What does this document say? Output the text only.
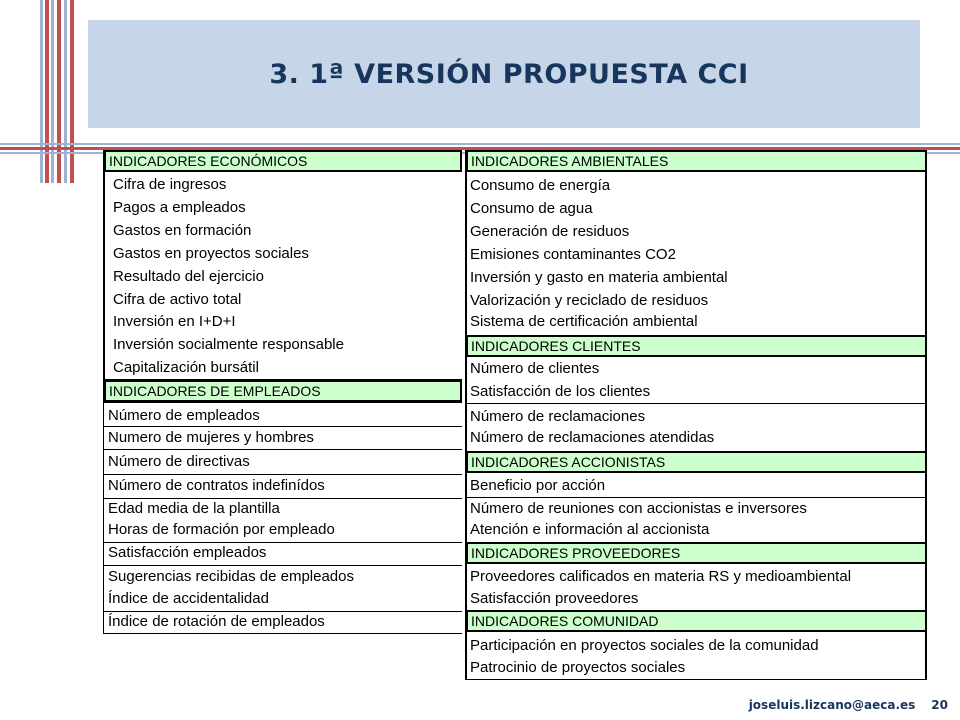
3. 1ª VERSIÓN PROPUESTA CCI
INDICADORES ECONÓMICOS
Cifra de ingresos
Pagos a empleados
Gastos en formación
Gastos en proyectos sociales
Resultado del ejercicio
Cifra de activo total
Inversión en I+D+I
Inversión socialmente responsable
Capitalización bursátil
INDICADORES DE EMPLEADOS
Número de empleados
Numero de mujeres y hombres
Número de directivas
Número de contratos indefinídos
Edad media de la plantilla
Horas de formación por empleado
Satisfacción empleados
Sugerencias recibidas de empleados
Índice de accidentalidad
Índice de rotación de empleados
INDICADORES AMBIENTALES
Consumo de energía
Consumo de agua
Generación de residuos
Emisiones contaminantes CO2
Inversión y gasto en materia ambiental
Valorización y reciclado de residuos
Sistema de certificación ambiental
INDICADORES CLIENTES
Número de clientes
Satisfacción de los clientes
Número de reclamaciones
Número de reclamaciones atendidas
INDICADORES ACCIONISTAS
Beneficio por acción
Número de reuniones con accionistas e inversores
Atención e información al accionista
INDICADORES PROVEEDORES
Proveedores calificados en materia RS y medioambiental
Satisfacción proveedores
INDICADORES COMUNIDAD
Participación en proyectos sociales de la comunidad
Patrocinio de proyectos sociales
joseluis.lizcano@aeca.es 20
